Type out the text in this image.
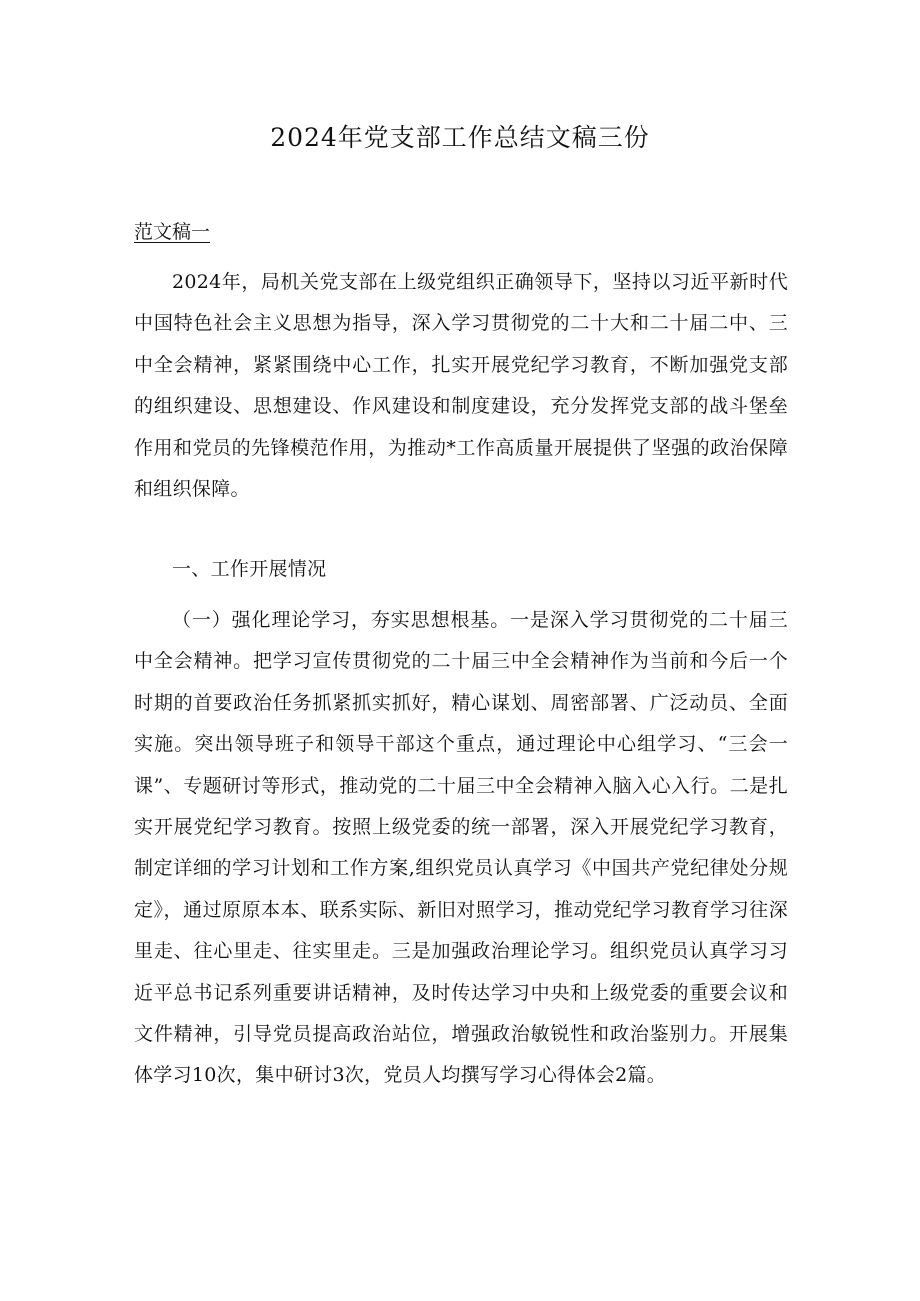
2024年党支部工作总结文稿三份
范文稿一

2024年，局机关党支部在上级党组织正确领导下，坚持以习近平新时代中国特色社会主义思想为指导，深入学习贯彻党的二十大和二十届二中、三中全会精神，紧紧围绕中心工作，扎实开展党纪学习教育，不断加强党支部的组织建设、思想建设、作风建设和制度建设，充分发挥党支部的战斗堡垒作用和党员的先锋模范作用，为推动*工作高质量开展提供了坚强的政治保障和组织保障。

一、工作开展情况

（一）强化理论学习，夯实思想根基。一是深入学习贯彻党的二十届三中全会精神。把学习宣传贯彻党的二十届三中全会精神作为当前和今后一个时期的首要政治任务抓紧抓实抓好，精心谋划、周密部署、广泛动员、全面实施。突出领导班子和领导干部这个重点，通过理论中心组学习、“三会一课”、专题研讨等形式，推动党的二十届三中全会精神入脑入心入行。二是扎实开展党纪学习教育。按照上级党委的统一部署，深入开展党纪学习教育，制定详细的学习计划和工作方案,组织党员认真学习《中国共产党纪律处分规定》，通过原原本本、联系实际、新旧对照学习，推动党纪学习教育学习往深里走、往心里走、往实里走。三是加强政治理论学习。组织党员认真学习习近平总书记系列重要讲话精神，及时传达学习中央和上级党委的重要会议和文件精神，引导党员提高政治站位，增强政治敏锐性和政治鉴别力。开展集体学习10次，集中研讨3次，党员人均撰写学习心得体会2篇。
